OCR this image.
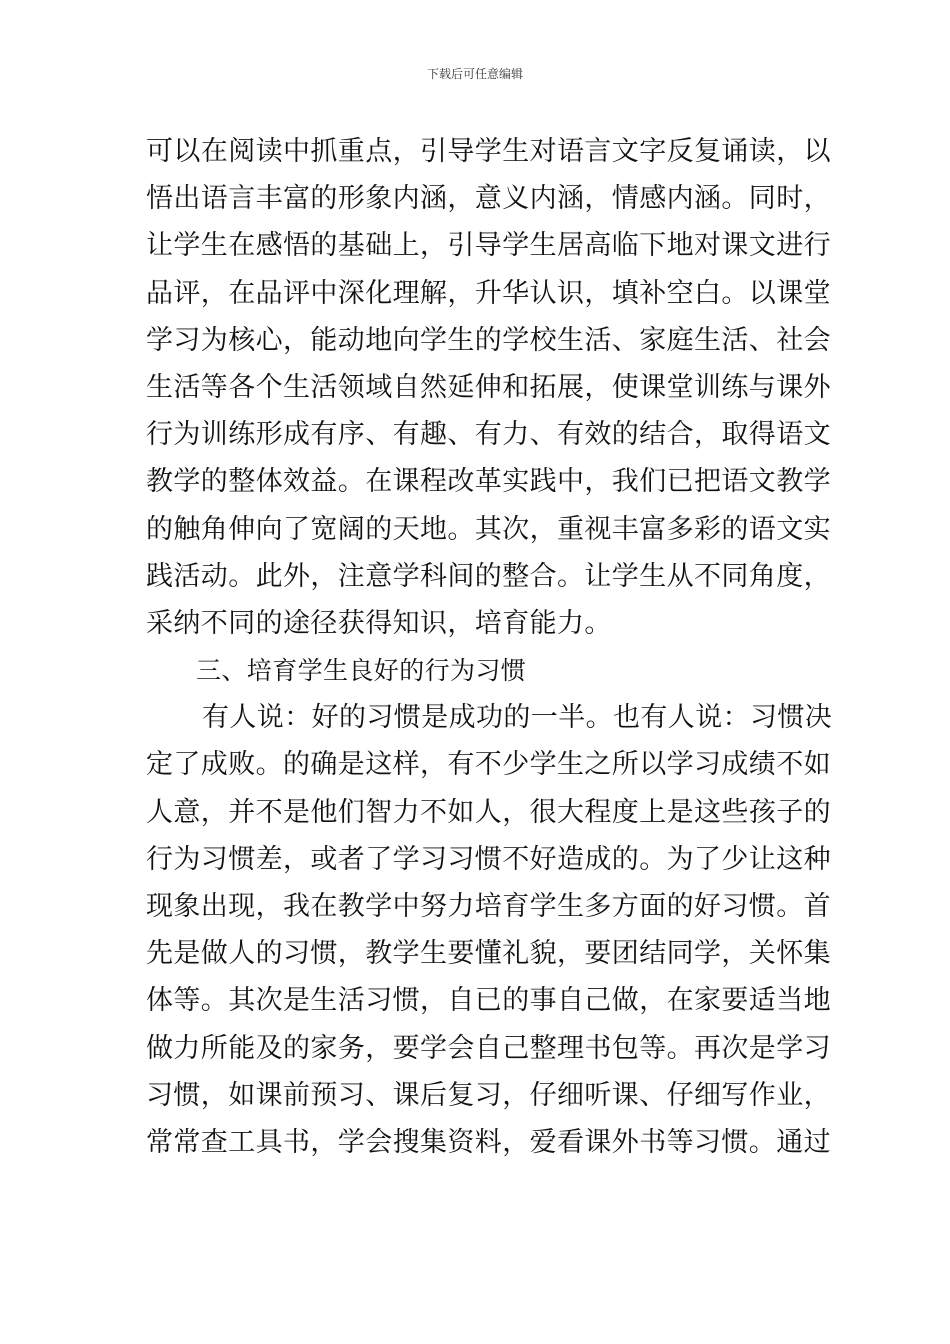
下载后可任意编辑
可以在阅读中抓重点，引导学生对语言文字反复诵读，以
悟出语言丰富的形象内涵，意义内涵，情感内涵。同时，
让学生在感悟的基础上，引导学生居高临下地对课文进行
品评，在品评中深化理解，升华认识，填补空白。以课堂
学习为核心，能动地向学生的学校生活、家庭生活、社会
生活等各个生活领域自然延伸和拓展，使课堂训练与课外
行为训练形成有序、有趣、有力、有效的结合，取得语文
教学的整体效益。在课程改革实践中，我们已把语文教学
的触角伸向了宽阔的天地。其次，重视丰富多彩的语文实
践活动。此外，注意学科间的整合。让学生从不同角度，
采纳不同的途径获得知识，培育能力。
三、培育学生良好的行为习惯
有人说：好的习惯是成功的一半。也有人说：习惯决
定了成败。的确是这样，有不少学生之所以学习成绩不如
人意，并不是他们智力不如人，很大程度上是这些孩子的
行为习惯差，或者了学习习惯不好造成的。为了少让这种
现象出现，我在教学中努力培育学生多方面的好习惯。首
先是做人的习惯，教学生要懂礼貌，要团结同学，关怀集
体等。其次是生活习惯，自已的事自己做，在家要适当地
做力所能及的家务，要学会自己整理书包等。再次是学习
习惯，如课前预习、课后复习，仔细听课、仔细写作业，
常常查工具书，学会搜集资料，爱看课外书等习惯。通过
